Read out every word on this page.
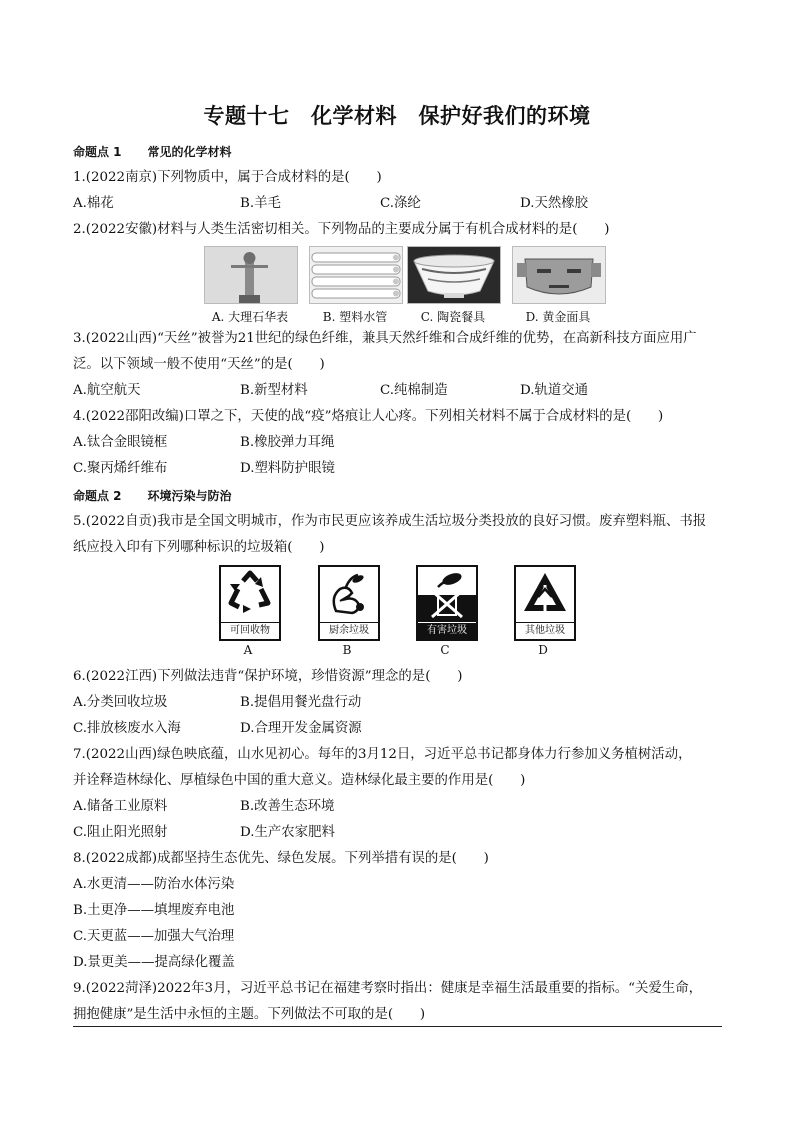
专题十七　化学材料　保护好我们的环境
命题点 1 常见的化学材料
1.(2022南京)下列物质中，属于合成材料的是(　　)
A.棉花	B.羊毛	C.涤纶	D.天然橡胶
2.(2022安徽)材料与人类生活密切相关。下列物品的主要成分属于有机合成材料的是(　　)
A. 大理石华表	B. 塑料水管	C. 陶瓷餐具	D. 黄金面具
3.(2022山西)“天丝”被誉为21世纪的绿色纤维，兼具天然纤维和合成纤维的优势，在高新科技方面应用广
泛。以下领域一般不使用“天丝”的是(　　)
A.航空航天	B.新型材料	C.纯棉制造	D.轨道交通
4.(2022邵阳改编)口罩之下，天使的战“疫”烙痕让人心疼。下列相关材料不属于合成材料的是(　　)
A.钛合金眼镜框	B.橡胶弹力耳绳
C.聚丙烯纤维布	D.塑料防护眼镜
命题点 2 环境污染与防治
5.(2022自贡)我市是全国文明城市，作为市民更应该养成生活垃圾分类投放的良好习惯。废弃塑料瓶、书报
纸应投入印有下列哪种标识的垃圾箱(　　)
可回收物
A
厨余垃圾
B
有害垃圾
C
其他垃圾
D
6.(2022江西)下列做法违背“保护环境，珍惜资源”理念的是(　　)
A.分类回收垃圾	B.提倡用餐光盘行动
C.排放核废水入海	D.合理开发金属资源
7.(2022山西)绿色映底蕴，山水见初心。每年的3月12日，习近平总书记都身体力行参加义务植树活动，
并诠释造林绿化、厚植绿色中国的重大意义。造林绿化最主要的作用是(　　)
A.储备工业原料	B.改善生态环境
C.阻止阳光照射	D.生产农家肥料
8.(2022成都)成都坚持生态优先、绿色发展。下列举措有误的是(　　)
A.水更清——防治水体污染
B.土更净——填埋废弃电池
C.天更蓝——加强大气治理
D.景更美——提高绿化覆盖
9.(2022菏泽)2022年3月，习近平总书记在福建考察时指出：健康是幸福生活最重要的指标。“关爱生命，
拥抱健康”是生活中永恒的主题。下列做法不可取的是(　　)
